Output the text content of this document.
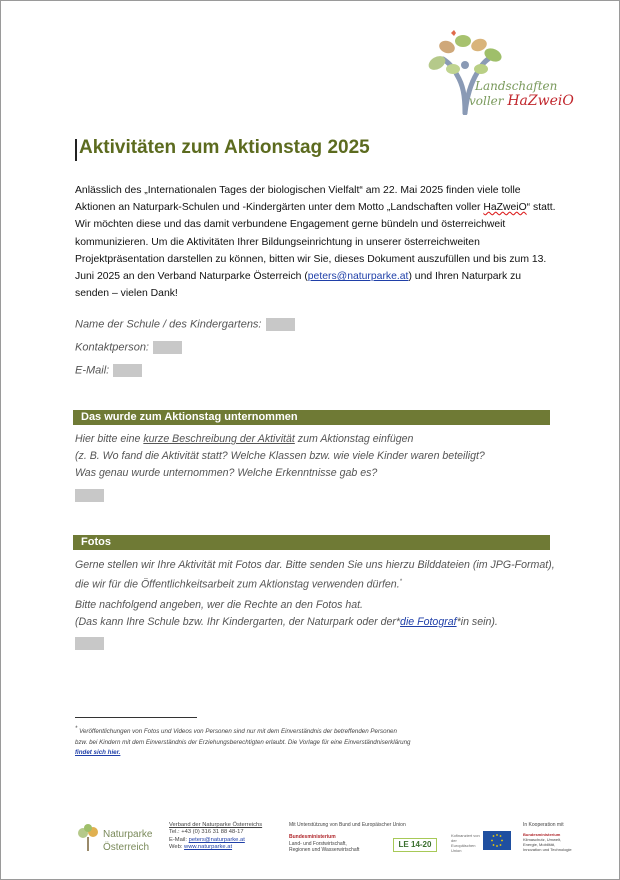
Landschaften
voller HaZweiO
Aktivitäten zum Aktionstag 2025
Anlässlich des „Internationalen Tages der biologischen Vielfalt“ am 22. Mai 2025 finden viele tolle Aktionen an Naturpark-Schulen und -Kindergärten unter dem Motto „Landschaften voller HaZweiO“ statt. Wir möchten diese und das damit verbundene Engagement gerne bündeln und österreichweit kommunizieren. Um die Aktivitäten Ihrer Bildungseinrichtung in unserer österreichweiten Projektpräsentation darstellen zu können, bitten wir Sie, dieses Dokument auszufüllen und bis zum 13. Juni 2025 an den Verband Naturparke Österreich (peters@naturparke.at) und Ihren Naturpark zu senden – vielen Dank!
Name der Schule / des Kindergartens:
Kontaktperson:
E-Mail:
Das wurde zum Aktionstag unternommen
Hier bitte eine kurze Beschreibung der Aktivität zum Aktionstag einfügen
(z. B. Wo fand die Aktivität statt? Welche Klassen bzw. wie viele Kinder waren beteiligt?
Was genau wurde unternommen? Welche Erkenntnisse gab es?
Fotos
Gerne stellen wir Ihre Aktivität mit Fotos dar. Bitte senden Sie uns hierzu Bilddateien (im JPG-Format),
die wir für die Öffentlichkeitsarbeit zum Aktionstag verwenden dürfen.*
Bitte nachfolgend angeben, wer die Rechte an den Fotos hat.
(Das kann Ihre Schule bzw. Ihr Kindergarten, der Naturpark oder der*die Fotograf*in sein).
* Veröffentlichungen von Fotos und Videos von Personen sind nur mit dem Einverständnis der betreffenden Personen
bzw. bei Kindern mit dem Einverständnis der Erziehungsberechtigten erlaubt. Die Vorlage für eine Einverständniserklärung
findet sich hier.
Naturparke
Österreich
Verband der Naturparke Österreichs
Tel.: +43 (0) 316 31 88 48-17
E-Mail: peters@naturparke.at
Web: www.naturparke.at
Mit Unterstützung von Bund und Europäischer Union
Bundesministerium
Land- und Forstwirtschaft,
Regionen und Wasserwirtschaft
LE 14-20
Kofinanziert von der Europäischen Union
In Kooperation mit
Bundesministerium
Klimaschutz, Umwelt,
Energie, Mobilität,
Innovation und Technologie
